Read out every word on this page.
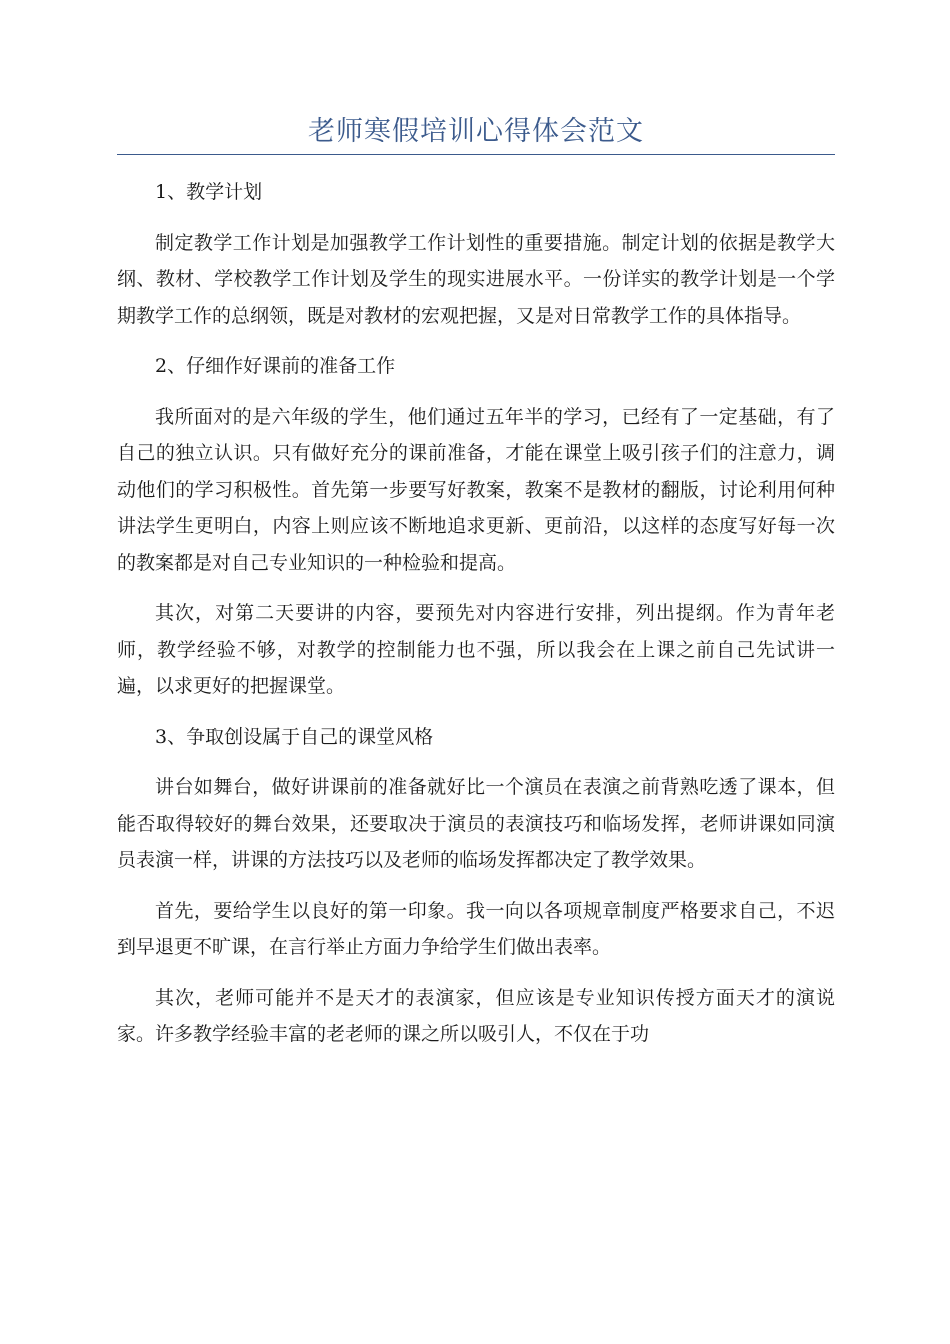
老师寒假培训心得体会范文

1、教学计划

制定教学工作计划是加强教学工作计划性的重要措施。制定计划的依据是教学大纲、教材、学校教学工作计划及学生的现实进展水平。一份详实的教学计划是一个学期教学工作的总纲领，既是对教材的宏观把握，又是对日常教学工作的具体指导。

2、仔细作好课前的准备工作

我所面对的是六年级的学生，他们通过五年半的学习，已经有了一定基础，有了自己的独立认识。只有做好充分的课前准备，才能在课堂上吸引孩子们的注意力，调动他们的学习积极性。首先第一步要写好教案，教案不是教材的翻版，讨论利用何种讲法学生更明白，内容上则应该不断地追求更新、更前沿，以这样的态度写好每一次的教案都是对自己专业知识的一种检验和提高。

其次，对第二天要讲的内容，要预先对内容进行安排，列出提纲。作为青年老师，教学经验不够，对教学的控制能力也不强，所以我会在上课之前自己先试讲一遍，以求更好的把握课堂。

3、争取创设属于自己的课堂风格

讲台如舞台，做好讲课前的准备就好比一个演员在表演之前背熟吃透了课本，但能否取得较好的舞台效果，还要取决于演员的表演技巧和临场发挥，老师讲课如同演员表演一样，讲课的方法技巧以及老师的临场发挥都决定了教学效果。

首先，要给学生以良好的第一印象。我一向以各项规章制度严格要求自己，不迟到早退更不旷课，在言行举止方面力争给学生们做出表率。

其次，老师可能并不是天才的表演家，但应该是专业知识传授方面天才的演说家。许多教学经验丰富的老老师的课之所以吸引人，不仅在于功
